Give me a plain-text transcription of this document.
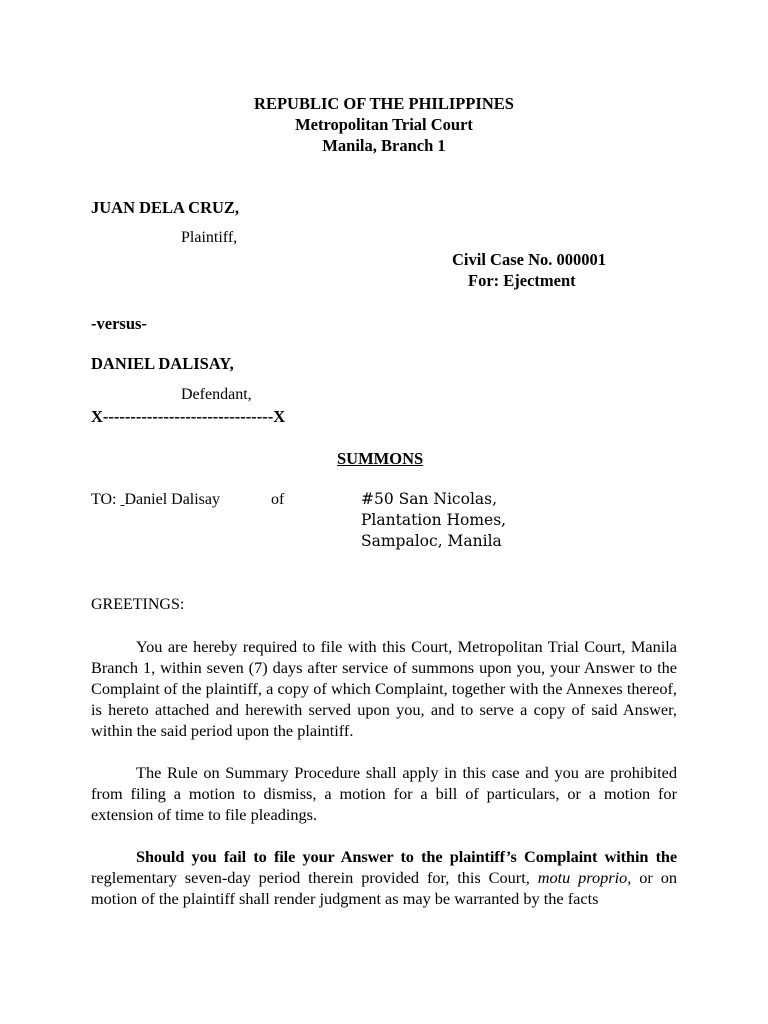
REPUBLIC OF THE PHILIPPINES
Metropolitan Trial Court
Manila, Branch 1
JUAN DELA CRUZ,
Plaintiff,
Civil Case No. 000001
For: Ejectment
-versus-
DANIEL DALISAY,
Defendant,
X-------------------------------X
SUMMONS
TO: Daniel Dalisay	of	#50 San Nicolas,
Plantation Homes,
Sampaloc, Manila
GREETINGS:

You are hereby required to file with this Court, Metropolitan Trial Court, Manila Branch 1, within seven (7) days after service of summons upon you, your Answer to the Complaint of the plaintiff, a copy of which Complaint, together with the Annexes thereof, is hereto attached and herewith served upon you, and to serve a copy of said Answer, within the said period upon the plaintiff.

The Rule on Summary Procedure shall apply in this case and you are prohibited from filing a motion to dismiss, a motion for a bill of particulars, or a motion for extension of time to file pleadings.

Should you fail to file your Answer to the plaintiff’s Complaint within the reglementary seven-day period therein provided for, this Court, motu proprio, or on motion of the plaintiff shall render judgment as may be warranted by the facts
